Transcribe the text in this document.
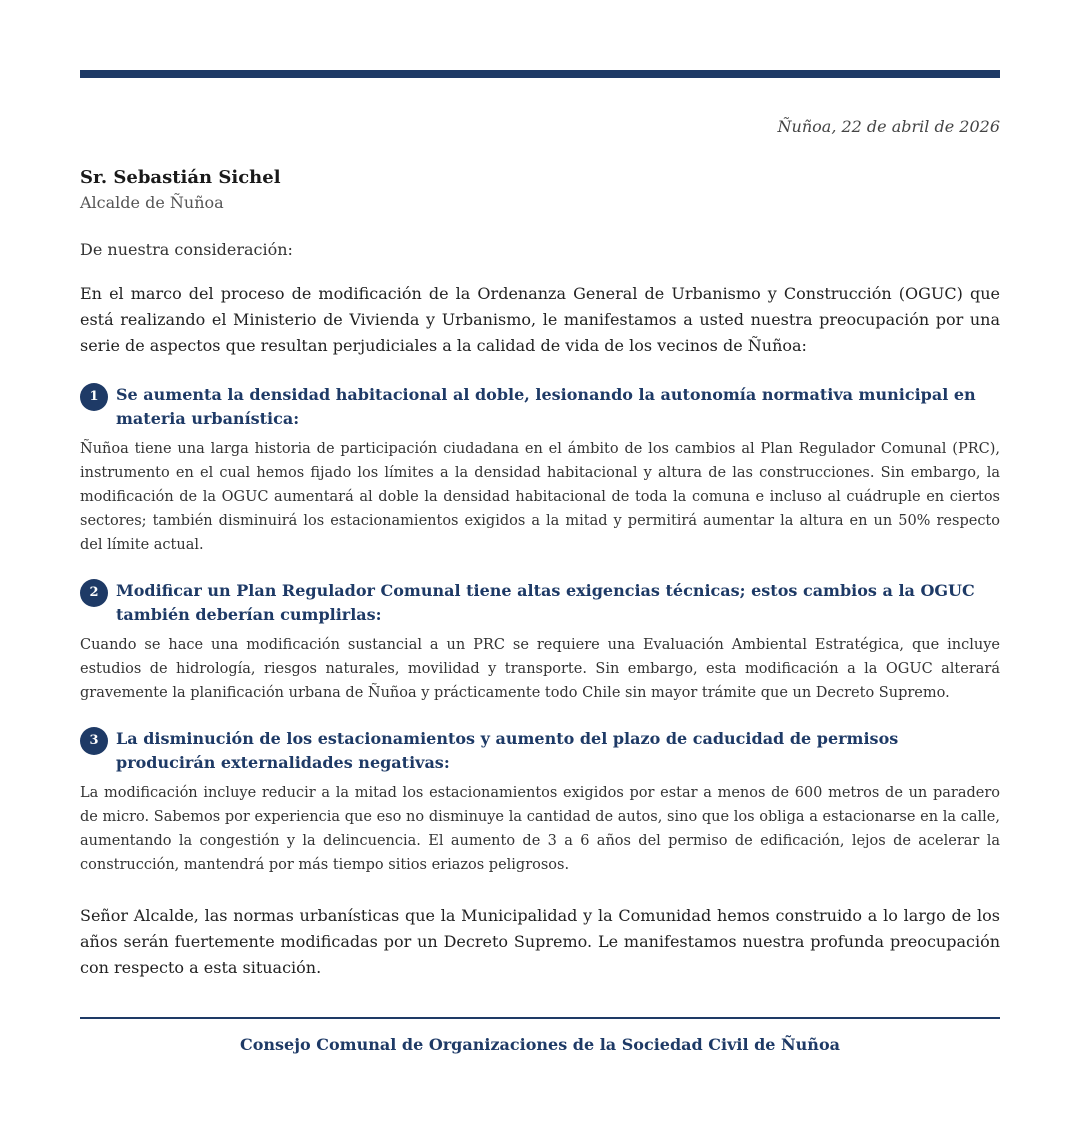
Ñuñoa, 22 de abril de 2026
Sr. Sebastián Sichel
Alcalde de Ñuñoa
De nuestra consideración:
En el marco del proceso de modificación de la Ordenanza General de Urbanismo y Construcción (OGUC) que está realizando el Ministerio de Vivienda y Urbanismo, le manifestamos a usted nuestra preocupación por una serie de aspectos que resultan perjudiciales a la calidad de vida de los vecinos de Ñuñoa:
1	Se aumenta la densidad habitacional al doble, lesionando la autonomía normativa municipal en materia urbanística:
Ñuñoa tiene una larga historia de participación ciudadana en el ámbito de los cambios al Plan Regulador Comunal (PRC), instrumento en el cual hemos fijado los límites a la densidad habitacional y altura de las construcciones. Sin embargo, la modificación de la OGUC aumentará al doble la densidad habitacional de toda la comuna e incluso al cuádruple en ciertos sectores; también disminuirá los estacionamientos exigidos a la mitad y permitirá aumentar la altura en un 50% respecto del límite actual.
2	Modificar un Plan Regulador Comunal tiene altas exigencias técnicas; estos cambios a la OGUC también deberían cumplirlas:
Cuando se hace una modificación sustancial a un PRC se requiere una Evaluación Ambiental Estratégica, que incluye estudios de hidrología, riesgos naturales, movilidad y transporte. Sin embargo, esta modificación a la OGUC alterará gravemente la planificación urbana de Ñuñoa y prácticamente todo Chile sin mayor trámite que un Decreto Supremo.
3	La disminución de los estacionamientos y aumento del plazo de caducidad de permisos producirán externalidades negativas:
La modificación incluye reducir a la mitad los estacionamientos exigidos por estar a menos de 600 metros de un paradero de micro. Sabemos por experiencia que eso no disminuye la cantidad de autos, sino que los obliga a estacionarse en la calle, aumentando la congestión y la delincuencia. El aumento de 3 a 6 años del permiso de edificación, lejos de acelerar la construcción, mantendrá por más tiempo sitios eriazos peligrosos.
Señor Alcalde, las normas urbanísticas que la Municipalidad y la Comunidad hemos construido a lo largo de los años serán fuertemente modificadas por un Decreto Supremo. Le manifestamos nuestra profunda preocupación con respecto a esta situación.
Consejo Comunal de Organizaciones de la Sociedad Civil de Ñuñoa
